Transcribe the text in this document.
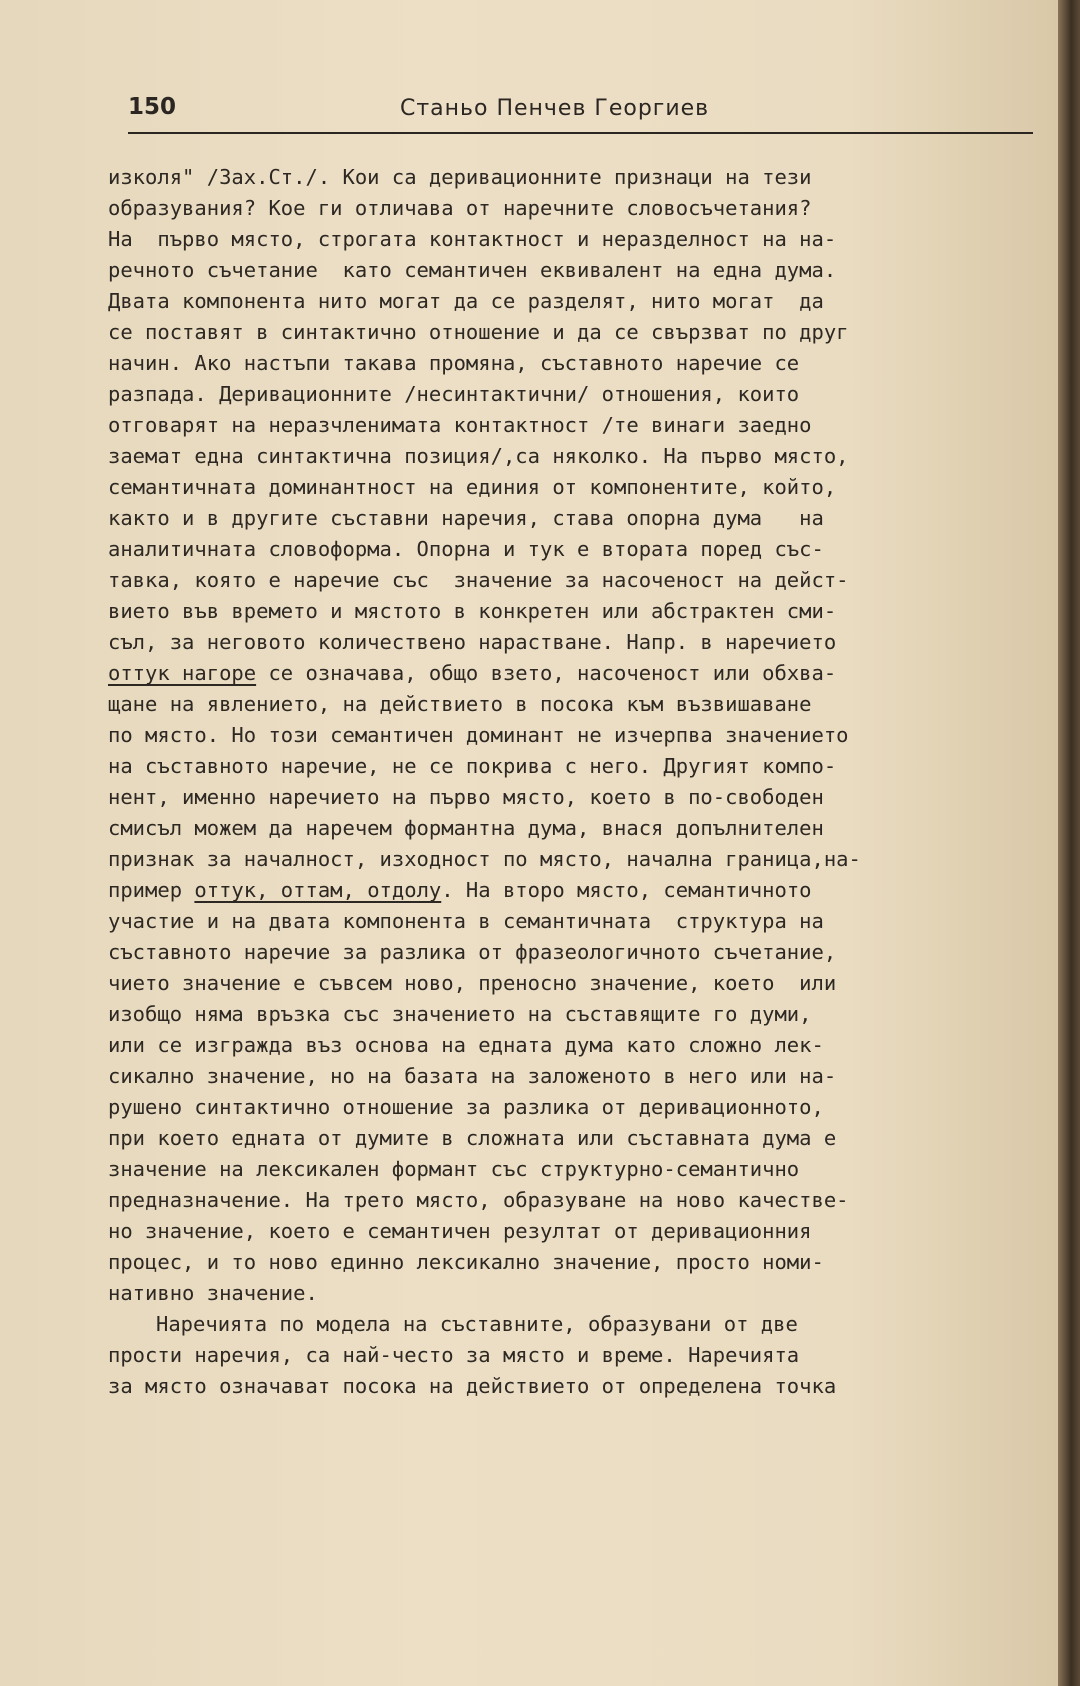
150	Станьо Пенчев Георгиев
изколя" /Зах.Ст./. Кои са деривационните признаци на тези
образувания? Кое ги отличава от наречните словосъчетания?
На  първо място, строгата контактност и неразделност на на-
речното съчетание  като семантичен еквивалент на една дума.
Двата компонента нито могат да се разделят, нито могат  да
се поставят в синтактично отношение и да се свързват по друг
начин. Ако настъпи такава промяна, съставното наречие се
разпада. Деривационните /несинтактични/ отношения, които
отговарят на неразчленимата контактност /те винаги заедно
заемат една синтактична позиция/,са няколко. На първо място,
семантичната доминантност на единия от компонентите, който,
както и в другите съставни наречия, става опорна дума   на
аналитичната словоформа. Опорна и тук е втората поред със-
тавка, която е наречие със  значение за насоченост на дейст-
вието във времето и мястото в конкретен или абстрактен сми-
съл, за неговото количествено нарастване. Напр. в наречието
оттук нагоре се означава, общо взето, насоченост или обхва-
щане на явлението, на действието в посока към възвишаване
по място. Но този семантичен доминант не изчерпва значението
на съставното наречие, не се покрива с него. Другият компо-
нент, именно наречието на първо място, което в по-свободен
смисъл можем да наречем формантна дума, внася допълнителен
признак за началност, изходност по място, начална граница,на-
пример оттук, оттам, отдолу. На второ място, семантичното
участие и на двата компонента в семантичната  структура на
съставното наречие за разлика от фразеологичното съчетание,
чието значение е съвсем ново, преносно значение, което  или
изобщо няма връзка със значението на съставящите го думи,
или се изгражда въз основа на едната дума като сложно лек-
сикално значение, но на базата на заложеното в него или на-
рушено синтактично отношение за разлика от деривационното,
при което едната от думите в сложната или съставната дума е
значение на лексикален формант със структурно-семантично
предназначение. На трето място, образуване на ново качестве-
но значение, което е семантичен резултат от деривационния
процес, и то ново единно лексикално значение, просто номи-
нативно значение.
Наречията по модела на съставните, образувани от две
прости наречия, са най-често за място и време. Наречията
за място означават посока на действието от определена точка
